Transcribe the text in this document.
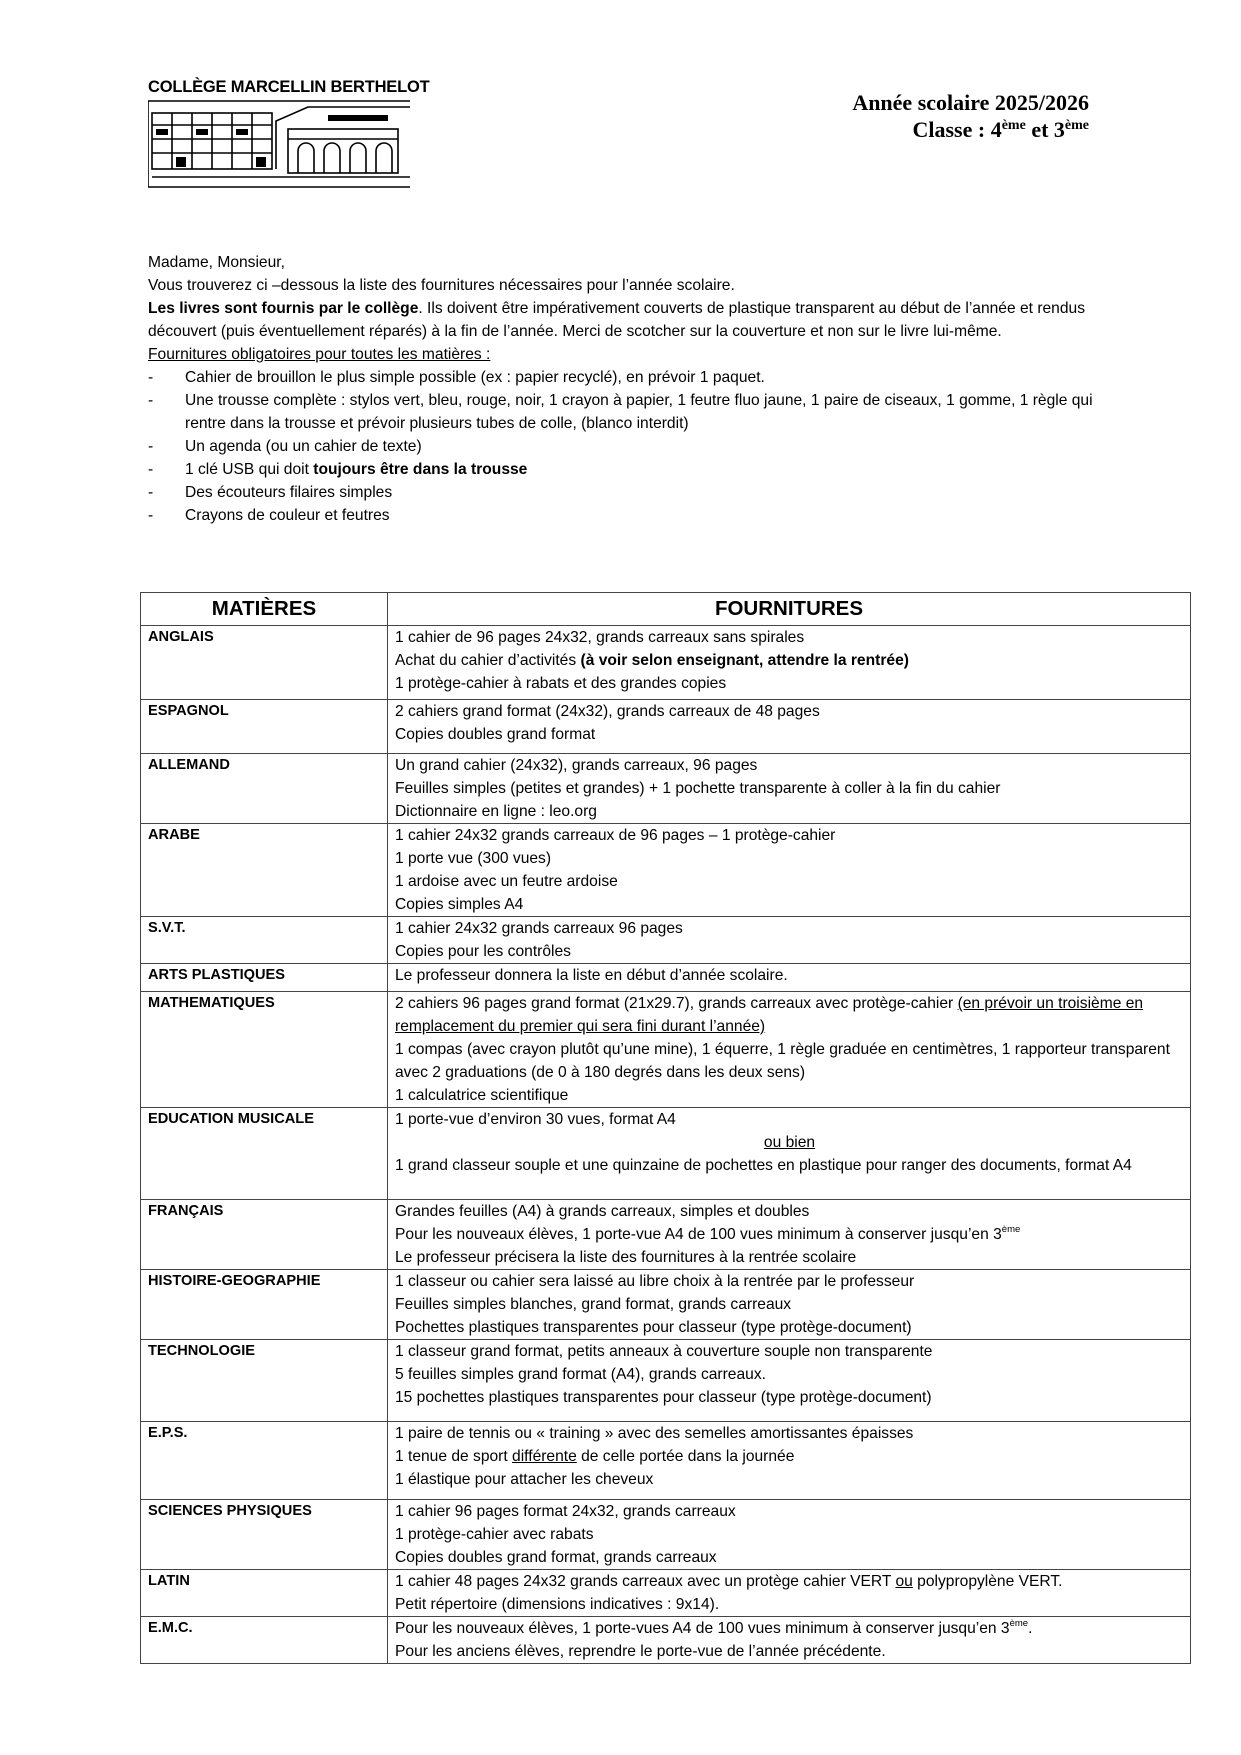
COLLÈGE MARCELLIN BERTHELOT
Année scolaire 2025/2026
Classe : 4ème et 3ème

Madame, Monsieur,

Vous trouverez ci –dessous la liste des fournitures nécessaires pour l’année scolaire.

Les livres sont fournis par le collège. Ils doivent être impérativement couverts de plastique transparent au début de l’année et rendus découvert (puis éventuellement réparés) à la fin de l’année. Merci de scotcher sur la couverture et non sur le livre lui-même.

Fournitures obligatoires pour toutes les matières :

- Cahier de brouillon le plus simple possible (ex : papier recyclé), en prévoir 1 paquet.
- Une trousse complète : stylos vert, bleu, rouge, noir, 1 crayon à papier, 1 feutre fluo jaune, 1 paire de ciseaux, 1 gomme, 1 règle qui rentre dans la trousse et prévoir plusieurs tubes de colle, (blanco interdit)
- Un agenda (ou un cahier de texte)
- 1 clé USB qui doit toujours être dans la trousse
- Des écouteurs filaires simples
- Crayons de couleur et feutres
MATIÈRES	FOURNITURES
ANGLAIS	1 cahier de 96 pages 24x32, grands carreaux sans spirales
Achat du cahier d’activités (à voir selon enseignant, attendre la rentrée)
1 protège-cahier à rabats et des grandes copies

ESPAGNOL	2 cahiers grand format (24x32), grands carreaux de 48 pages
Copies doubles grand format

ALLEMAND	Un grand cahier (24x32), grands carreaux, 96 pages
Feuilles simples (petites et grandes) + 1 pochette transparente à coller à la fin du cahier
Dictionnaire en ligne : leo.org

ARABE	1 cahier 24x32 grands carreaux de 96 pages – 1 protège-cahier
1 porte vue (300 vues)
1 ardoise avec un feutre ardoise
Copies simples A4

S.V.T.	1 cahier 24x32 grands carreaux 96 pages
Copies pour les contrôles

ARTS PLASTIQUES	Le professeur donnera la liste en début d’année scolaire.

MATHEMATIQUES	2 cahiers 96 pages grand format (21x29.7), grands carreaux avec protège-cahier (en prévoir un troisième en remplacement du premier qui sera fini durant l’année)
1 compas (avec crayon plutôt qu’une mine), 1 équerre, 1 règle graduée en centimètres, 1 rapporteur transparent avec 2 graduations (de 0 à 180 degrés dans les deux sens)
1 calculatrice scientifique

EDUCATION MUSICALE	1 porte-vue d’environ 30 vues, format A4
ou bien
1 grand classeur souple et une quinzaine de pochettes en plastique pour ranger des documents, format A4

FRANÇAIS	Grandes feuilles (A4) à grands carreaux, simples et doubles
Pour les nouveaux élèves, 1 porte-vue A4 de 100 vues minimum à conserver jusqu’en 3ème
Le professeur précisera la liste des fournitures à la rentrée scolaire

HISTOIRE-GEOGRAPHIE	1 classeur ou cahier sera laissé au libre choix à la rentrée par le professeur
Feuilles simples blanches, grand format, grands carreaux
Pochettes plastiques transparentes pour classeur (type protège-document)

TECHNOLOGIE	1 classeur grand format, petits anneaux à couverture souple non transparente
5 feuilles simples grand format (A4), grands carreaux.
15 pochettes plastiques transparentes pour classeur (type protège-document)

E.P.S.	1 paire de tennis ou « training » avec des semelles amortissantes épaisses
1 tenue de sport différente de celle portée dans la journée
1 élastique pour attacher les cheveux

SCIENCES PHYSIQUES	1 cahier 96 pages format 24x32, grands carreaux
1 protège-cahier avec rabats
Copies doubles grand format, grands carreaux

LATIN	1 cahier 48 pages 24x32 grands carreaux avec un protège cahier VERT ou polypropylène VERT.
Petit répertoire (dimensions indicatives : 9x14).

E.M.C.	Pour les nouveaux élèves, 1 porte-vues A4 de 100 vues minimum à conserver jusqu’en 3ème.
Pour les anciens élèves, reprendre le porte-vue de l’année précédente.
